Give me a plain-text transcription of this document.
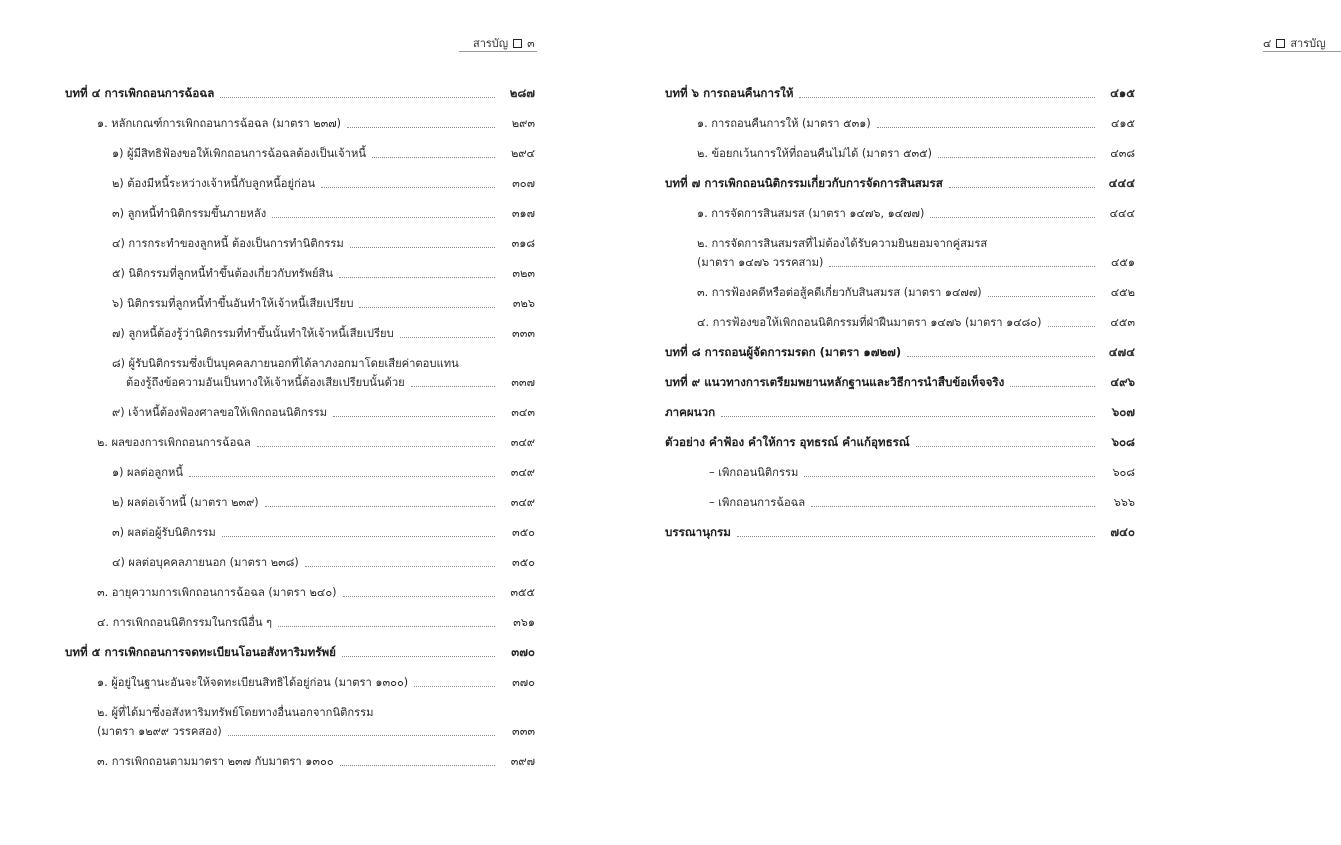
สารบัญ ๓
บทที่ ๔ การเพิกถอนการฉ้อฉล	๒๘๗
๑. หลักเกณฑ์การเพิกถอนการฉ้อฉล (มาตรา ๒๓๗)	๒๙๓
๑) ผู้มีสิทธิฟ้องขอให้เพิกถอนการฉ้อฉลต้องเป็นเจ้าหนี้	๒๙๔
๒) ต้องมีหนี้ระหว่างเจ้าหนี้กับลูกหนี้อยู่ก่อน	๓๐๗
๓) ลูกหนี้ทำนิติกรรมขึ้นภายหลัง	๓๑๗
๔) การกระทำของลูกหนี้ ต้องเป็นการทำนิติกรรม	๓๑๘
๕) นิติกรรมที่ลูกหนี้ทำขึ้นต้องเกี่ยวกับทรัพย์สิน	๓๒๓
๖) นิติกรรมที่ลูกหนี้ทำขึ้นอันทำให้เจ้าหนี้เสียเปรียบ	๓๒๖
๗) ลูกหนี้ต้องรู้ว่านิติกรรมที่ทำขึ้นนั้นทำให้เจ้าหนี้เสียเปรียบ	๓๓๓
๘) ผู้รับนิติกรรมซึ่งเป็นบุคคลภายนอกที่ได้ลาภงอกมาโดยเสียค่าตอบแทน
ต้องรู้ถึงข้อความอันเป็นทางให้เจ้าหนี้ต้องเสียเปรียบนั้นด้วย	๓๓๗
๙) เจ้าหนี้ต้องฟ้องศาลขอให้เพิกถอนนิติกรรม	๓๔๓
๒. ผลของการเพิกถอนการฉ้อฉล	๓๔๙
๑) ผลต่อลูกหนี้	๓๔๙
๒) ผลต่อเจ้าหนี้ (มาตรา ๒๓๙)	๓๔๙
๓) ผลต่อผู้รับนิติกรรม	๓๕๐
๔) ผลต่อบุคคลภายนอก (มาตรา ๒๓๘)	๓๕๐
๓. อายุความการเพิกถอนการฉ้อฉล (มาตรา ๒๔๐)	๓๕๕
๔. การเพิกถอนนิติกรรมในกรณีอื่น ๆ	๓๖๑
บทที่ ๕ การเพิกถอนการจดทะเบียนโอนอสังหาริมทรัพย์	๓๗๐
๑. ผู้อยู่ในฐานะอันจะให้จดทะเบียนสิทธิได้อยู่ก่อน (มาตรา ๑๓๐๐)	๓๗๐
๒. ผู้ที่ได้มาซึ่งอสังหาริมทรัพย์โดยทางอื่นนอกจากนิติกรรม
(มาตรา ๑๒๙๙ วรรคสอง)	๓๓๓
๓. การเพิกถอนตามมาตรา ๒๓๗ กับมาตรา ๑๓๐๐	๓๙๗
๔ สารบัญ
บทที่ ๖ การถอนคืนการให้	๔๑๕
๑. การถอนคืนการให้ (มาตรา ๕๓๑)	๔๑๕
๒. ข้อยกเว้นการให้ที่ถอนคืนไม่ได้ (มาตรา ๕๓๕)	๔๓๘
บทที่ ๗ การเพิกถอนนิติกรรมเกี่ยวกับการจัดการสินสมรส	๔๔๔
๑. การจัดการสินสมรส (มาตรา ๑๔๗๖, ๑๔๗๗)	๔๔๔
๒. การจัดการสินสมรสที่ไม่ต้องได้รับความยินยอมจากคู่สมรส
(มาตรา ๑๔๗๖ วรรคสาม)	๔๕๑
๓. การฟ้องคดีหรือต่อสู้คดีเกี่ยวกับสินสมรส (มาตรา ๑๔๗๗)	๔๕๒
๔. การฟ้องขอให้เพิกถอนนิติกรรมที่ฝ่าฝืนมาตรา ๑๔๗๖ (มาตรา ๑๔๘๐)	๔๕๓
บทที่ ๘ การถอนผู้จัดการมรดก (มาตรา ๑๗๒๗)	๔๗๔
บทที่ ๙ แนวทางการเตรียมพยานหลักฐานและวิธีการนำสืบข้อเท็จจริง	๔๙๖
ภาคผนวก	๖๐๗
ตัวอย่าง คำฟ้อง คำให้การ อุทธรณ์ คำแก้อุทธรณ์	๖๐๘
– เพิกถอนนิติกรรม	๖๐๘
– เพิกถอนการฉ้อฉล	๖๖๖
บรรณานุกรม	๗๔๐
